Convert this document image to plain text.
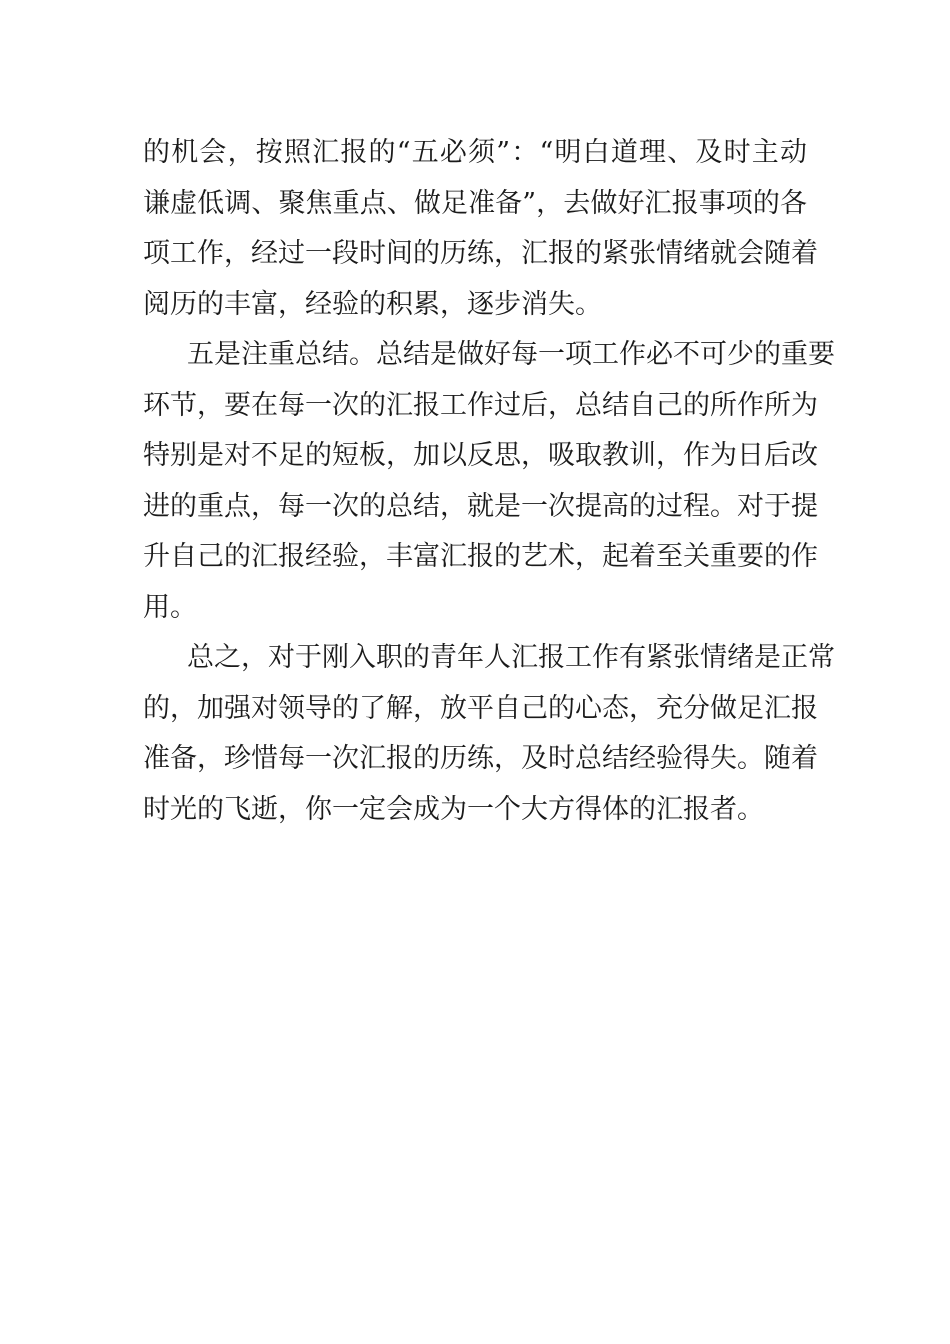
的机会，按照汇报的“五必须”：“明白道理、及时主动
谦虚低调、聚焦重点、做足准备”，去做好汇报事项的各
项工作，经过一段时间的历练，汇报的紧张情绪就会随着
阅历的丰富，经验的积累，逐步消失。
五是注重总结。总结是做好每一项工作必不可少的重要
环节，要在每一次的汇报工作过后，总结自己的所作所为
特别是对不足的短板，加以反思，吸取教训，作为日后改
进的重点，每一次的总结，就是一次提高的过程。对于提
升自己的汇报经验，丰富汇报的艺术，起着至关重要的作
用。
总之，对于刚入职的青年人汇报工作有紧张情绪是正常
的，加强对领导的了解，放平自己的心态，充分做足汇报
准备，珍惜每一次汇报的历练，及时总结经验得失。随着
时光的飞逝，你一定会成为一个大方得体的汇报者。
